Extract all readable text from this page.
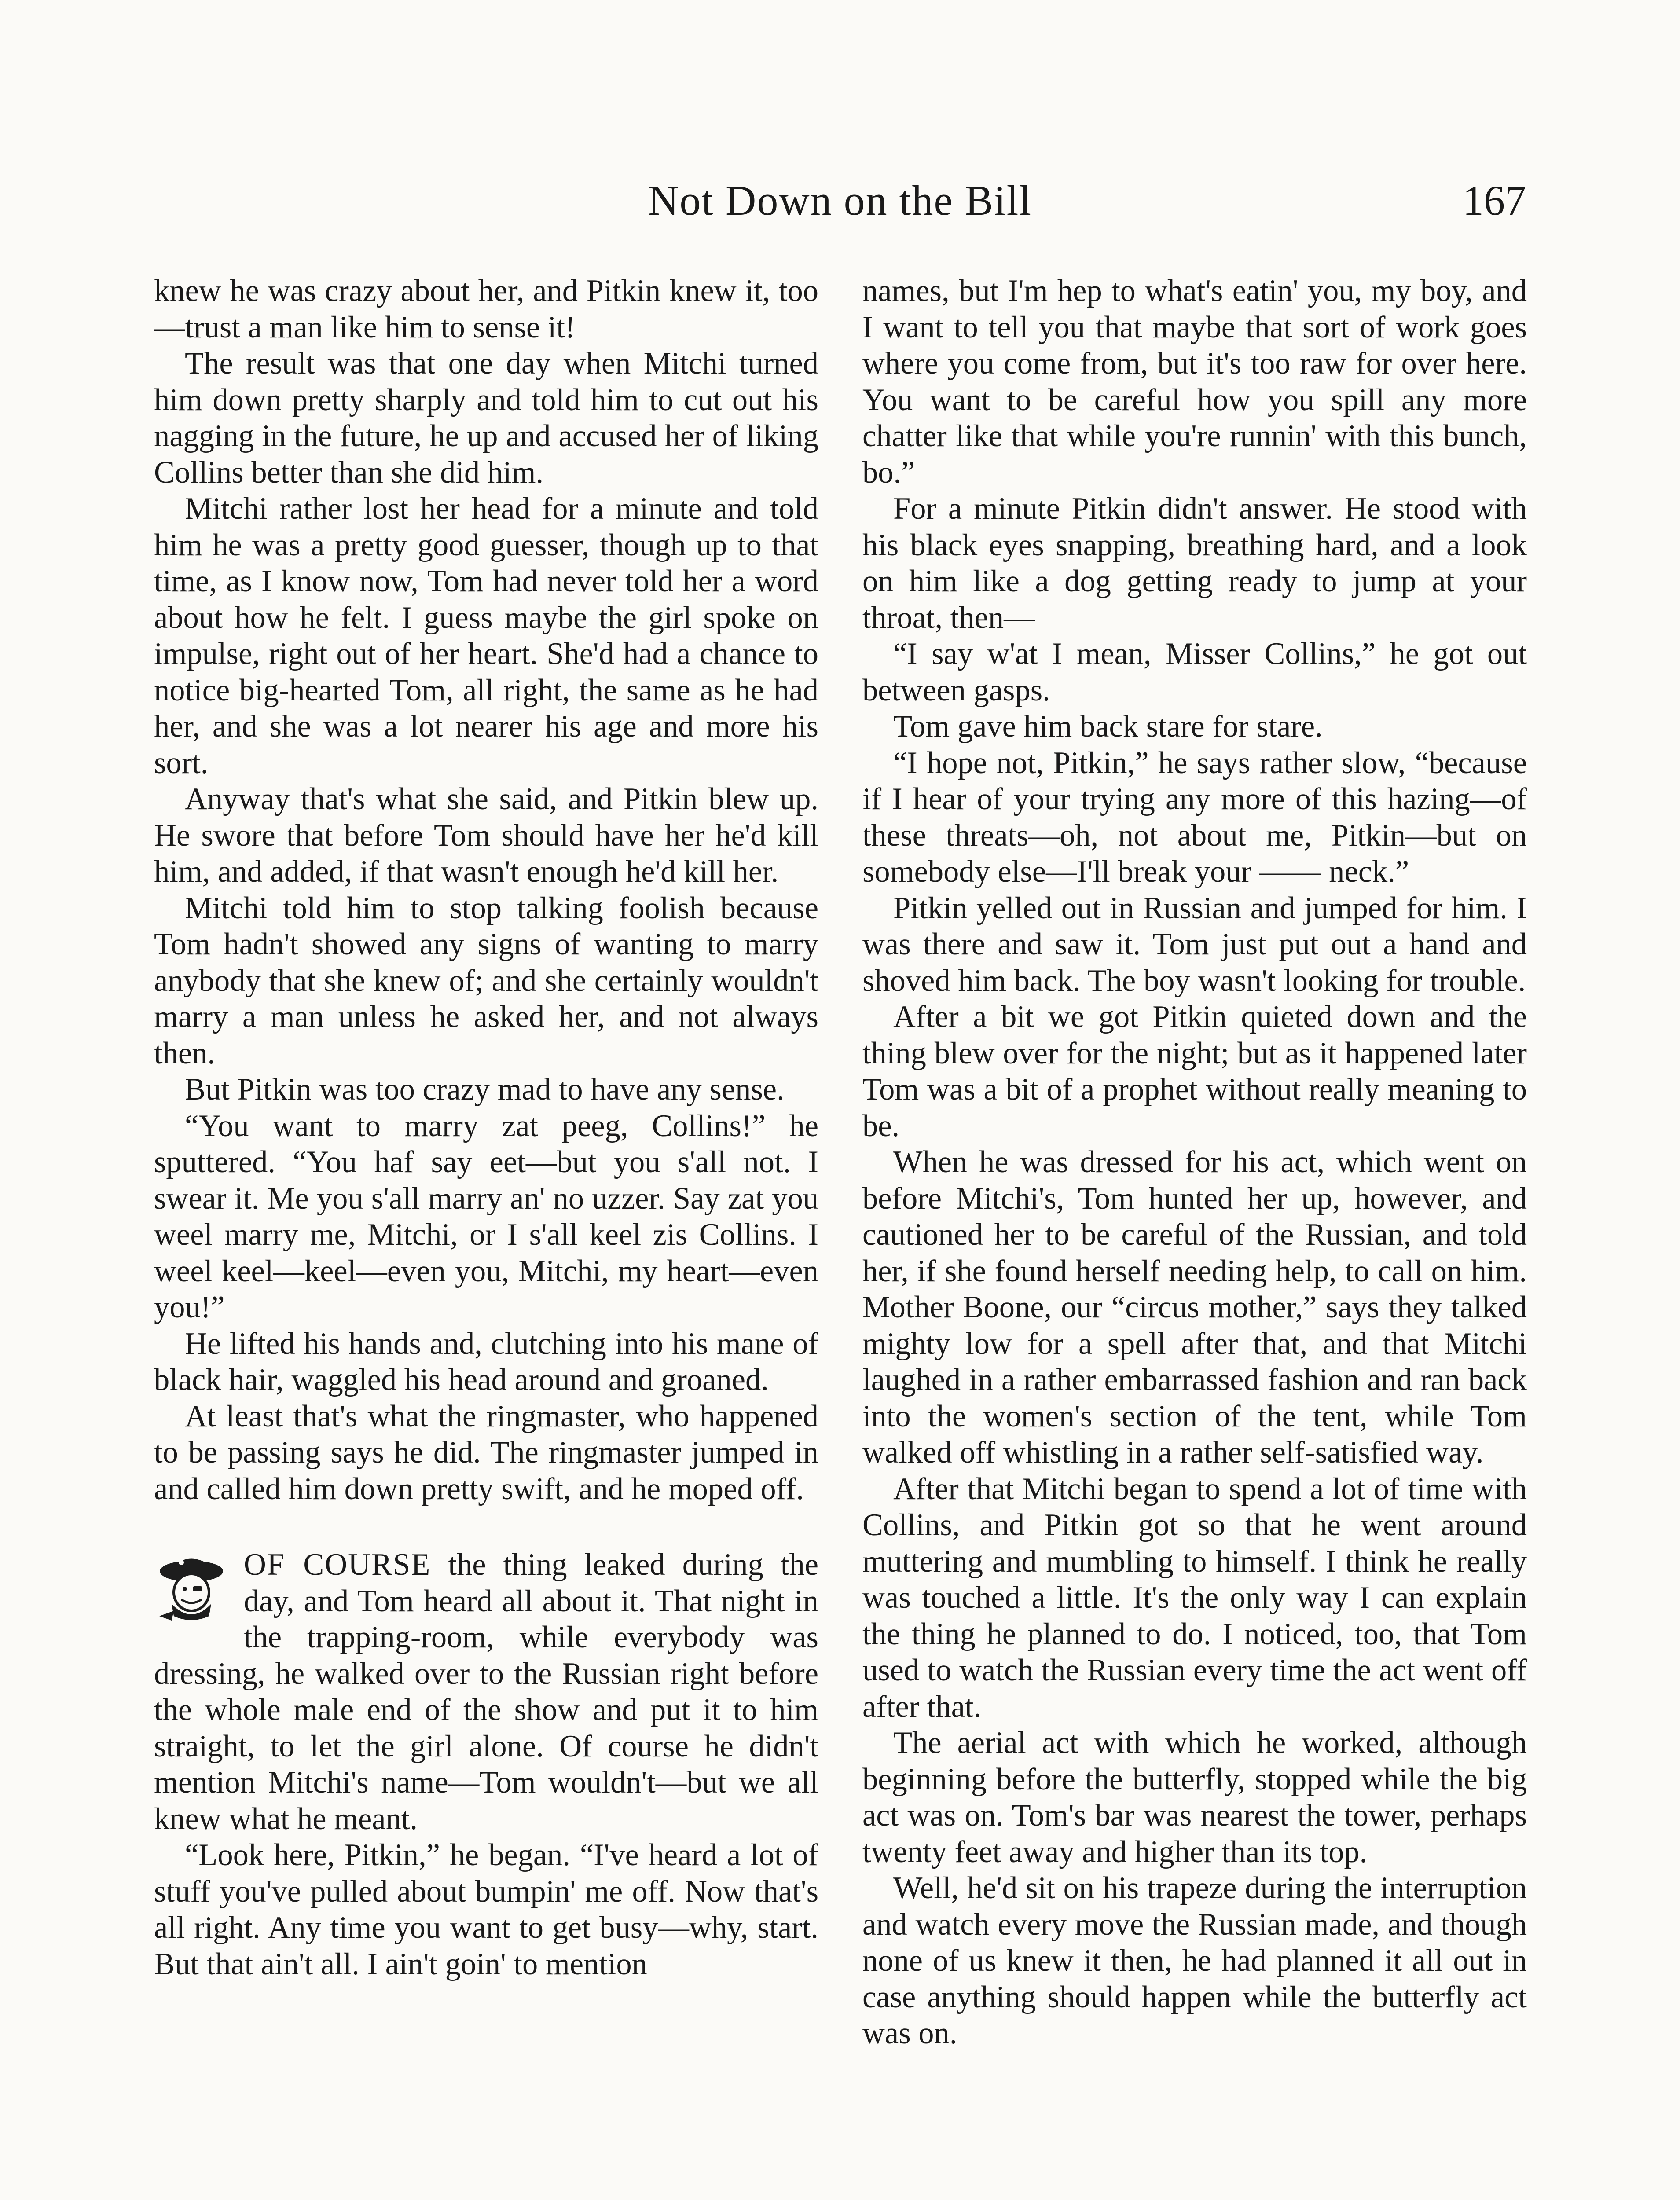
Not Down on the Bill	167

knew he was crazy about her, and Pitkin knew it, too—trust a man like him to sense it!

The result was that one day when Mitchi turned him down pretty sharply and told him to cut out his nagging in the future, he up and accused her of liking Collins better than she did him.

Mitchi rather lost her head for a minute and told him he was a pretty good guesser, though up to that time, as I know now, Tom had never told her a word about how he felt. I guess maybe the girl spoke on impulse, right out of her heart. She'd had a chance to notice big-hearted Tom, all right, the same as he had her, and she was a lot nearer his age and more his sort.

Anyway that's what she said, and Pitkin blew up. He swore that before Tom should have her he'd kill him, and added, if that wasn't enough he'd kill her.

Mitchi told him to stop talking foolish because Tom hadn't showed any signs of wanting to marry anybody that she knew of; and she certainly wouldn't marry a man unless he asked her, and not always then.

But Pitkin was too crazy mad to have any sense.

“You want to marry zat peeg, Collins!” he sputtered. “You haf say eet—but you s'all not. I swear it. Me you s'all marry an' no uzzer. Say zat you weel marry me, Mitchi, or I s'all keel zis Collins. I weel keel—keel—even you, Mitchi, my heart—even you!”

He lifted his hands and, clutching into his mane of black hair, waggled his head around and groaned.

At least that's what the ringmaster, who happened to be passing says he did. The ringmaster jumped in and called him down pretty swift, and he moped off.

OF COURSE the thing leaked during the day, and Tom heard all about it. That night in the trapping-room, while everybody was dressing, he walked over to the Russian right before the whole male end of the show and put it to him straight, to let the girl alone. Of course he didn't mention Mitchi's name—Tom wouldn't—but we all knew what he meant.

“Look here, Pitkin,” he began. “I've heard a lot of stuff you've pulled about bumpin' me off. Now that's all right. Any time you want to get busy—why, start. But that ain't all. I ain't goin' to mention

names, but I'm hep to what's eatin' you, my boy, and I want to tell you that maybe that sort of work goes where you come from, but it's too raw for over here. You want to be careful how you spill any more chatter like that while you're runnin' with this bunch, bo.”

For a minute Pitkin didn't answer. He stood with his black eyes snapping, breathing hard, and a look on him like a dog getting ready to jump at your throat, then—

“I say w'at I mean, Misser Collins,” he got out between gasps.

Tom gave him back stare for stare.

“I hope not, Pitkin,” he says rather slow, “because if I hear of your trying any more of this hazing—of these threats—oh, not about me, Pitkin—but on somebody else—I'll break your —— neck.”

Pitkin yelled out in Russian and jumped for him. I was there and saw it. Tom just put out a hand and shoved him back. The boy wasn't looking for trouble.

After a bit we got Pitkin quieted down and the thing blew over for the night; but as it happened later Tom was a bit of a prophet without really meaning to be.

When he was dressed for his act, which went on before Mitchi's, Tom hunted her up, however, and cautioned her to be careful of the Russian, and told her, if she found herself needing help, to call on him. Mother Boone, our “circus mother,” says they talked mighty low for a spell after that, and that Mitchi laughed in a rather embarrassed fashion and ran back into the women's section of the tent, while Tom walked off whistling in a rather self-satisfied way.

After that Mitchi began to spend a lot of time with Collins, and Pitkin got so that he went around muttering and mumbling to himself. I think he really was touched a little. It's the only way I can explain the thing he planned to do. I noticed, too, that Tom used to watch the Russian every time the act went off after that.

The aerial act with which he worked, although beginning before the butterfly, stopped while the big act was on. Tom's bar was nearest the tower, perhaps twenty feet away and higher than its top.

Well, he'd sit on his trapeze during the interruption and watch every move the Russian made, and though none of us knew it then, he had planned it all out in case anything should happen while the butterfly act was on.
